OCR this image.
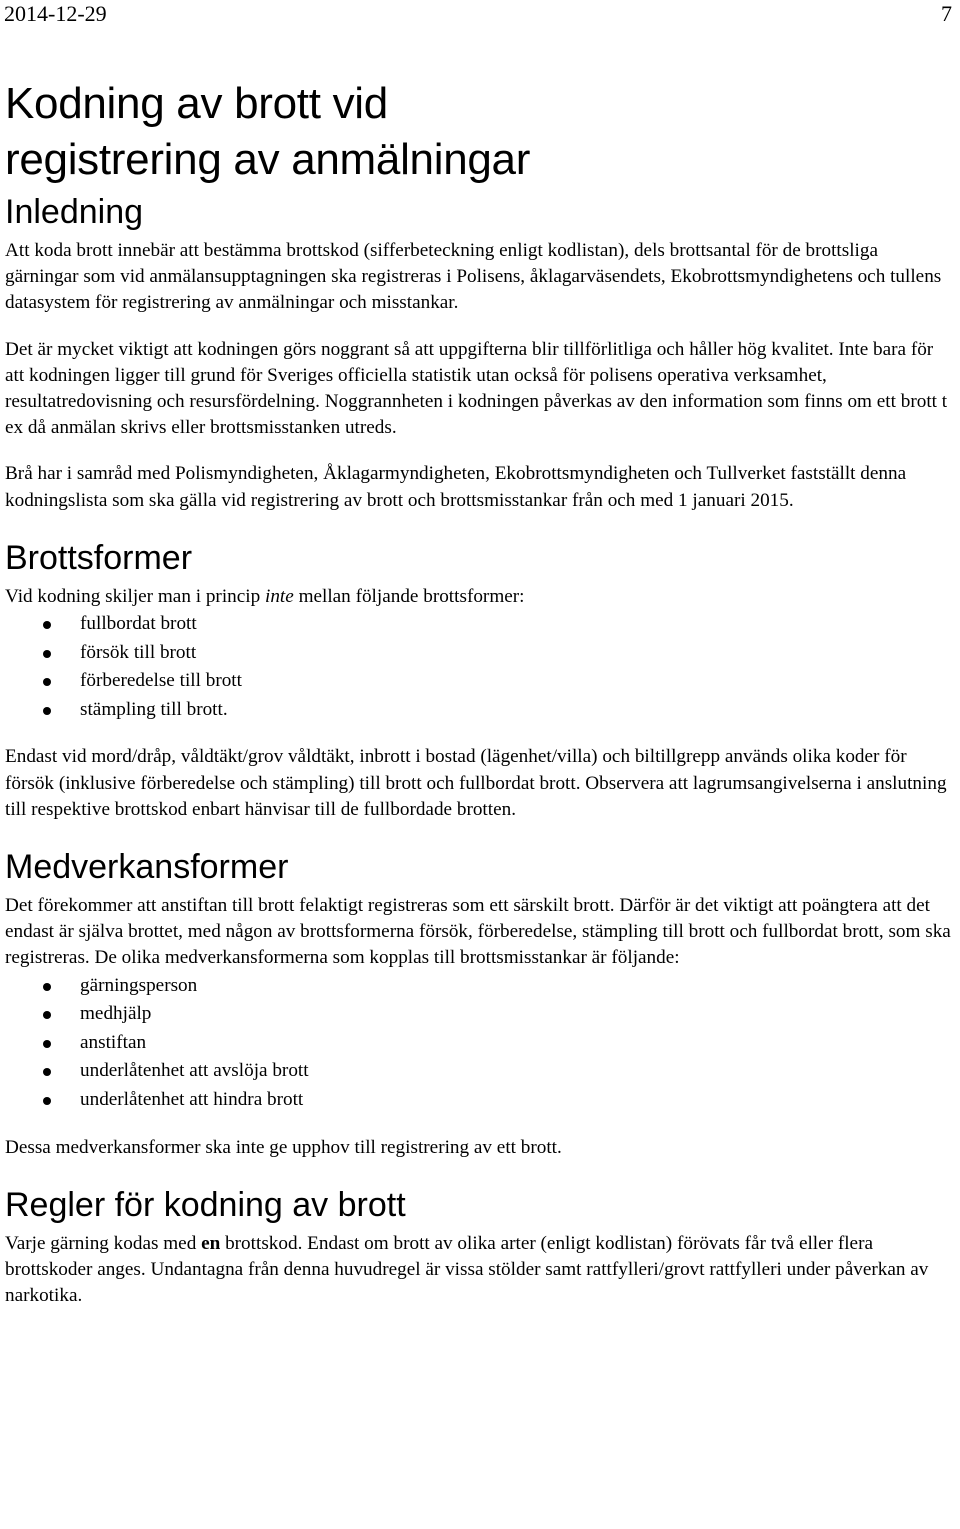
2014-12-29	7
Kodning av brott vid
registrering av anmälningar
Inledning

Att koda brott innebär att bestämma brottskod (sifferbeteckning enligt kodlistan), dels brottsantal för de brottsliga gärningar som vid anmälansupptagningen ska registreras i Polisens, åklagarväsendets, Ekobrottsmyndighetens och tullens datasystem för registrering av anmälningar och misstankar.

Det är mycket viktigt att kodningen görs noggrant så att uppgifterna blir tillförlitliga och håller hög kvalitet. Inte bara för att kodningen ligger till grund för Sveriges officiella statistik utan också för polisens operativa verksamhet, resultatredovisning och resursfördelning. Noggrannheten i kodningen påverkas av den information som finns om ett brott t ex då anmälan skrivs eller brottsmisstanken utreds.

Brå har i samråd med Polismyndigheten, Åklagarmyndigheten, Ekobrottsmyndigheten och Tullverket fastställt denna kodningslista som ska gälla vid registrering av brott och brottsmisstankar från och med 1 januari 2015.

Brottsformer

Vid kodning skiljer man i princip inte mellan följande brottsformer:

fullbordat brott
försök till brott
förberedelse till brott
stämpling till brott.

Endast vid mord/dråp, våldtäkt/grov våldtäkt, inbrott i bostad (lägenhet/villa) och biltillgrepp används olika koder för försök (inklusive förberedelse och stämpling) till brott och fullbordat brott. Observera att lagrumsangivelserna i anslutning till respektive brottskod enbart hänvisar till de fullbordade brotten.

Medverkansformer

Det förekommer att anstiftan till brott felaktigt registreras som ett särskilt brott. Därför är det viktigt att poängtera att det endast är själva brottet, med någon av brottsformerna försök, förberedelse, stämpling till brott och fullbordat brott, som ska registreras. De olika medverkansformerna som kopplas till brottsmisstankar är följande:

gärningsperson
medhjälp
anstiftan
underlåtenhet att avslöja brott
underlåtenhet att hindra brott

Dessa medverkansformer ska inte ge upphov till registrering av ett brott.

Regler för kodning av brott

Varje gärning kodas med en brottskod. Endast om brott av olika arter (enligt kodlistan) förövats får två eller flera brottskoder anges. Undantagna från denna huvudregel är vissa stölder samt rattfylleri/grovt rattfylleri under påverkan av narkotika.
